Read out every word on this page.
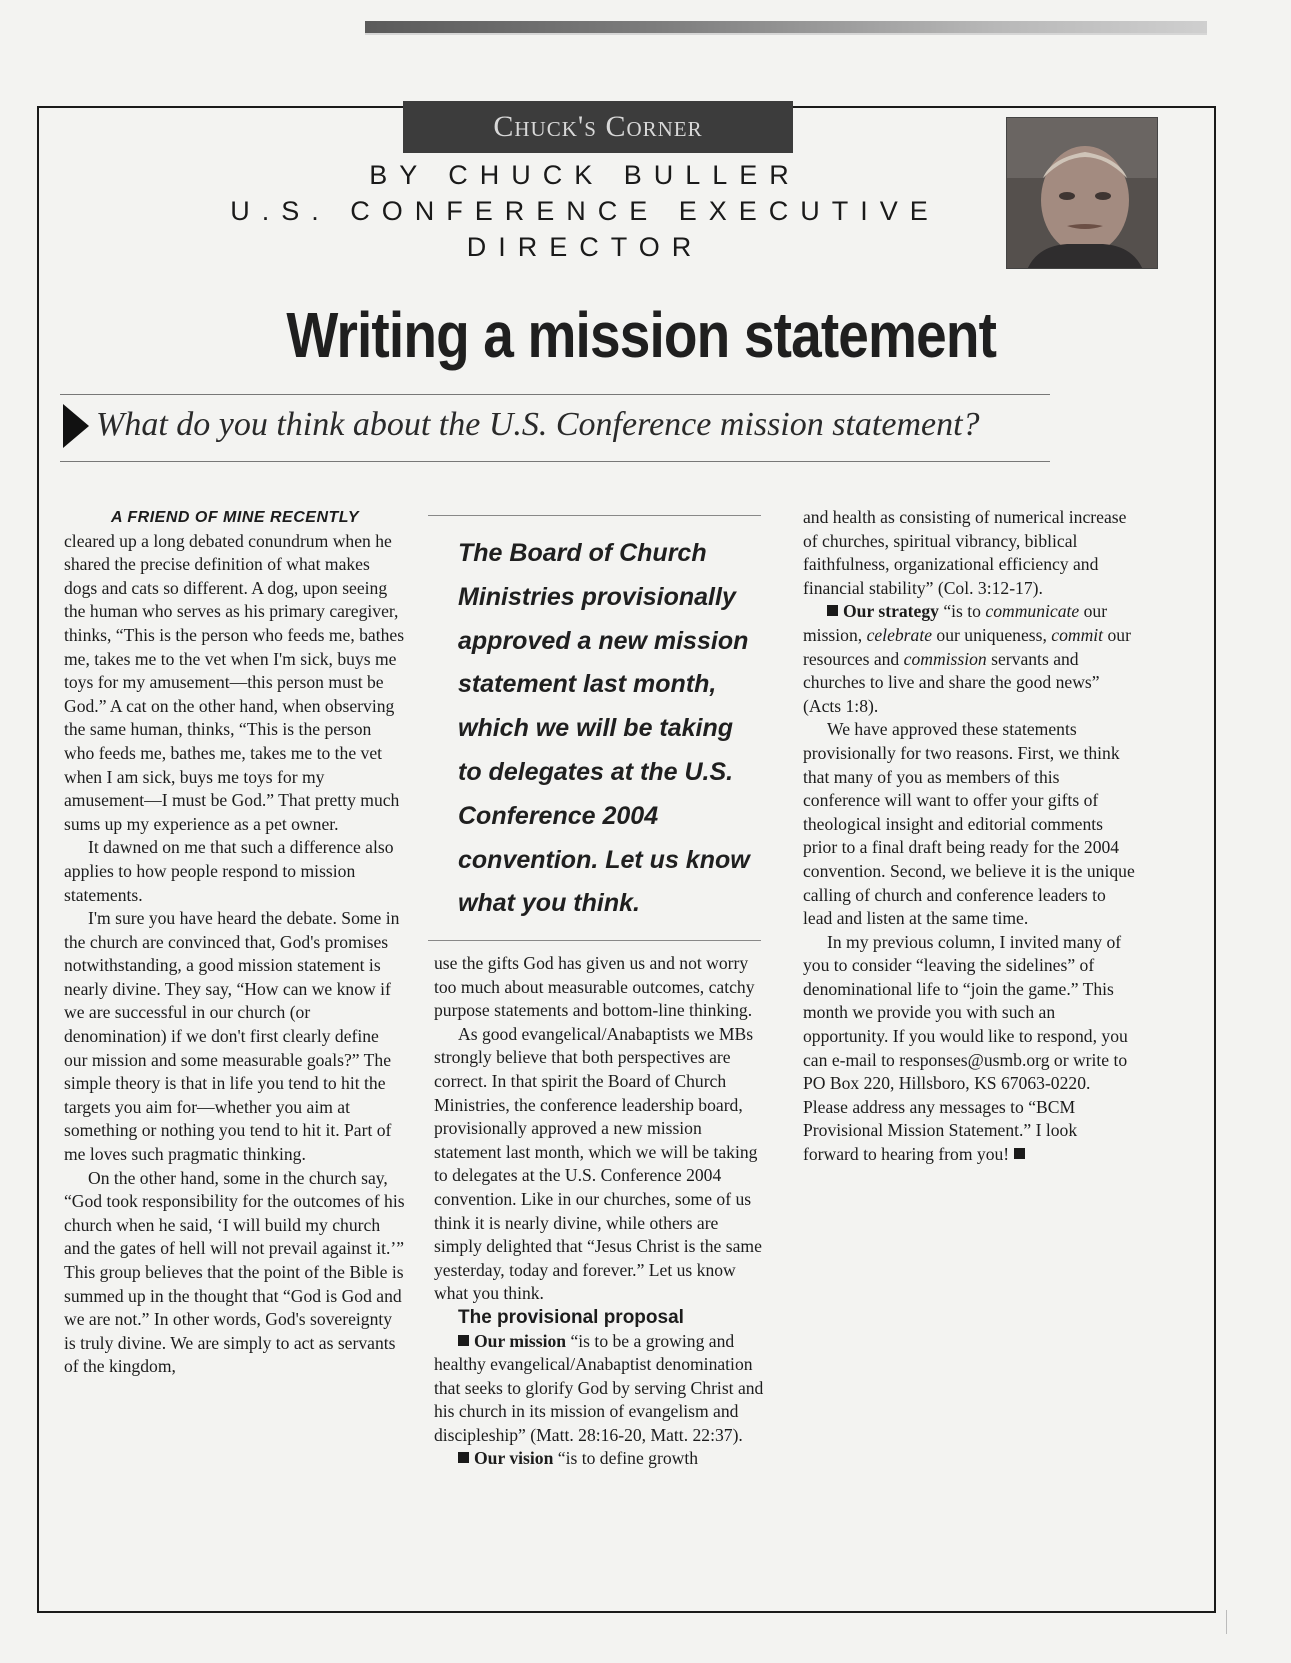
Chuck's Corner
BY CHUCK BULLER
U.S. CONFERENCE EXECUTIVE DIRECTOR
Writing a mission statement
What do you think about the U.S. Conference mission statement?
A FRIEND OF MINE RECENTLY

cleared up a long debated conundrum when he shared the precise definition of what makes dogs and cats so different. A dog, upon seeing the human who serves as his primary caregiver, thinks, “This is the person who feeds me, bathes me, takes me to the vet when I'm sick, buys me toys for my amusement—this person must be God.” A cat on the other hand, when observing the same human, thinks, “This is the person who feeds me, bathes me, takes me to the vet when I am sick, buys me toys for my amusement—I must be God.” That pretty much sums up my experience as a pet owner.

It dawned on me that such a difference also applies to how people respond to mission statements.

I'm sure you have heard the debate. Some in the church are convinced that, God's promises notwithstanding, a good mission statement is nearly divine. They say, “How can we know if we are successful in our church (or denomination) if we don't first clearly define our mission and some measurable goals?” The simple theory is that in life you tend to hit the targets you aim for—whether you aim at something or nothing you tend to hit it. Part of me loves such pragmatic thinking.

On the other hand, some in the church say, “God took responsibility for the outcomes of his church when he said, ‘I will build my church and the gates of hell will not prevail against it.’” This group believes that the point of the Bible is summed up in the thought that “God is God and we are not.” In other words, God's sovereignty is truly divine. We are simply to act as servants of the kingdom,

The Board of Church Ministries provisionally approved a new mission statement last month, which we will be taking to delegates at the U.S. Conference 2004 convention. Let us know what you think.

use the gifts God has given us and not worry too much about measurable outcomes, catchy purpose statements and bottom-line thinking.

As good evangelical/Anabaptists we MBs strongly believe that both perspectives are correct. In that spirit the Board of Church Ministries, the conference leadership board, provisionally approved a new mission statement last month, which we will be taking to delegates at the U.S. Conference 2004 convention. Like in our churches, some of us think it is nearly divine, while others are simply delighted that “Jesus Christ is the same yesterday, today and forever.” Let us know what you think.

The provisional proposal

Our mission “is to be a growing and healthy evangelical/Anabaptist denomination that seeks to glorify God by serving Christ and his church in its mission of evangelism and discipleship” (Matt. 28:16-20, Matt. 22:37).

Our vision “is to define growth

and health as consisting of numerical increase of churches, spiritual vibrancy, biblical faithfulness, organizational efficiency and financial stability” (Col. 3:12-17).

Our strategy “is to communicate our mission, celebrate our uniqueness, commit our resources and commission servants and churches to live and share the good news” (Acts 1:8).

We have approved these statements provisionally for two reasons. First, we think that many of you as members of this conference will want to offer your gifts of theological insight and editorial comments prior to a final draft being ready for the 2004 convention. Second, we believe it is the unique calling of church and conference leaders to lead and listen at the same time.

In my previous column, I invited many of you to consider “leaving the sidelines” of denominational life to “join the game.” This month we provide you with such an opportunity. If you would like to respond, you can e-mail to responses@usmb.org or write to PO Box 220, Hillsboro, KS 67063-0220. Please address any messages to “BCM Provisional Mission Statement.” I look forward to hearing from you!
